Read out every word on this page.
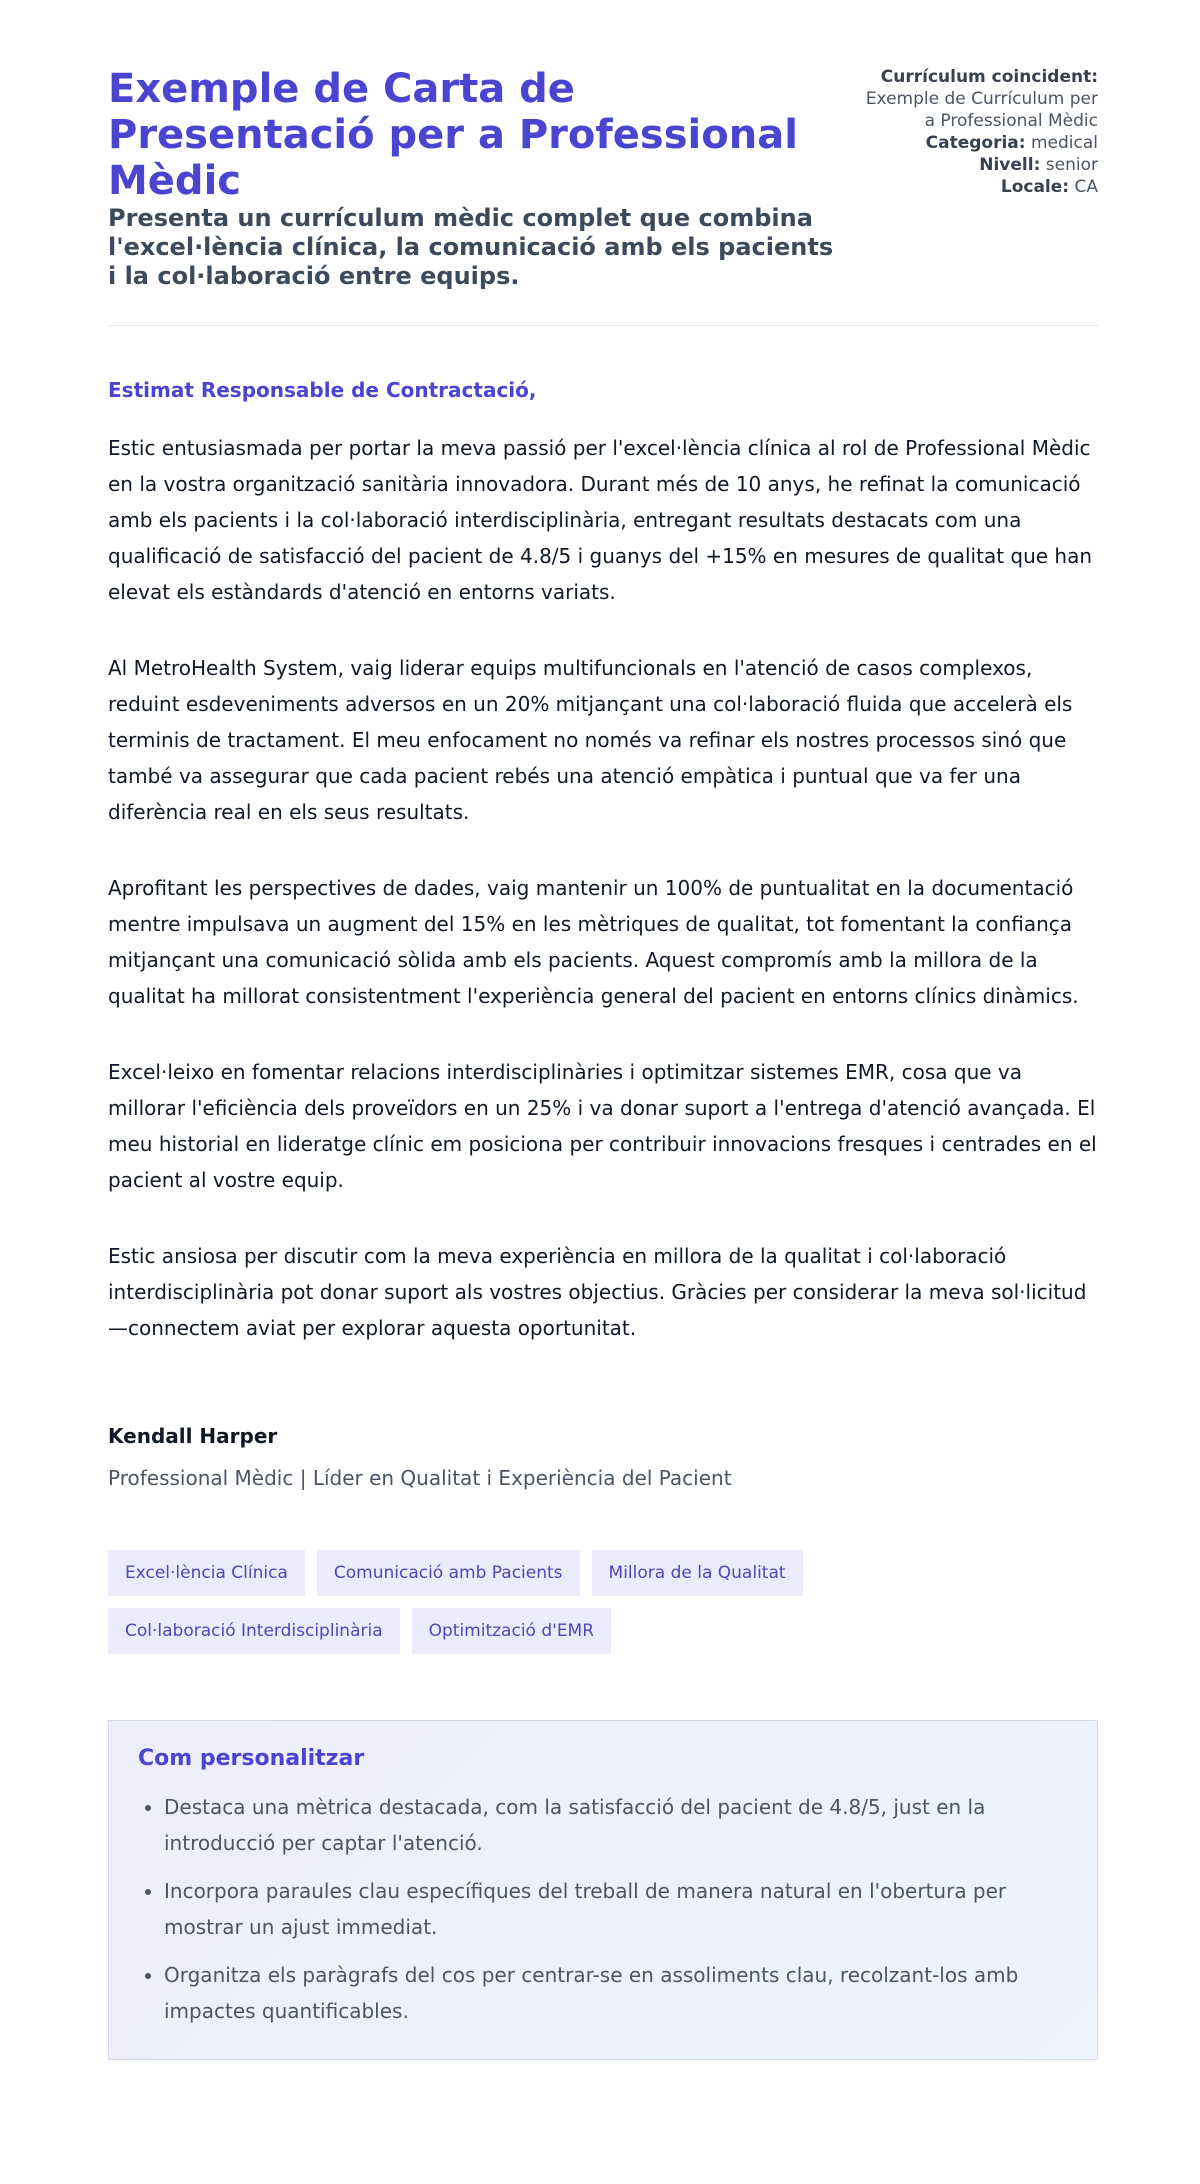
Exemple de Carta de Presentació per a Professional Mèdic
Presenta un currículum mèdic complet que combina l'excel·lència clínica, la comunicació amb els pacients i la col·laboració entre equips.
Currículum coincident:
Exemple de Currículum per a Professional Mèdic
Categoria: medical
Nivell: senior
Locale: CA

Estimat Responsable de Contractació,

Estic entusiasmada per portar la meva passió per l'excel·lència clínica al rol de Professional Mèdic en la vostra organització sanitària innovadora. Durant més de 10 anys, he refinat la comunicació amb els pacients i la col·laboració interdisciplinària, entregant resultats destacats com una qualificació de satisfacció del pacient de 4.8/5 i guanys del +15% en mesures de qualitat que han elevat els estàndards d'atenció en entorns variats.

Al MetroHealth System, vaig liderar equips multifuncionals en l'atenció de casos complexos, reduint esdeveniments adversos en un 20% mitjançant una col·laboració fluida que accelerà els terminis de tractament. El meu enfocament no només va refinar els nostres processos sinó que també va assegurar que cada pacient rebés una atenció empàtica i puntual que va fer una diferència real en els seus resultats.

Aprofitant les perspectives de dades, vaig mantenir un 100% de puntualitat en la documentació mentre impulsava un augment del 15% en les mètriques de qualitat, tot fomentant la confiança mitjançant una comunicació sòlida amb els pacients. Aquest compromís amb la millora de la qualitat ha millorat consistentment l'experiència general del pacient en entorns clínics dinàmics.

Excel·leixo en fomentar relacions interdisciplinàries i optimitzar sistemes EMR, cosa que va millorar l'eficiència dels proveïdors en un 25% i va donar suport a l'entrega d'atenció avançada. El meu historial en lideratge clínic em posiciona per contribuir innovacions fresques i centrades en el pacient al vostre equip.

Estic ansiosa per discutir com la meva experiència en millora de la qualitat i col·laboració interdisciplinària pot donar suport als vostres objectius. Gràcies per considerar la meva sol·licitud—connectem aviat per explorar aquesta oportunitat.

Kendall Harper

Professional Mèdic | Líder en Qualitat i Experiència del Pacient

Excel·lència Clínica	Comunicació amb Pacients	Millora de la Qualitat
Col·laboració Interdisciplinària	Optimització d'EMR
Com personalitzar
• Destaca una mètrica destacada, com la satisfacció del pacient de 4.8/5, just en la introducció per captar l'atenció.
• Incorpora paraules clau específiques del treball de manera natural en l'obertura per mostrar un ajust immediat.
• Organitza els paràgrafs del cos per centrar-se en assoliments clau, recolzant-los amb impactes quantificables.
